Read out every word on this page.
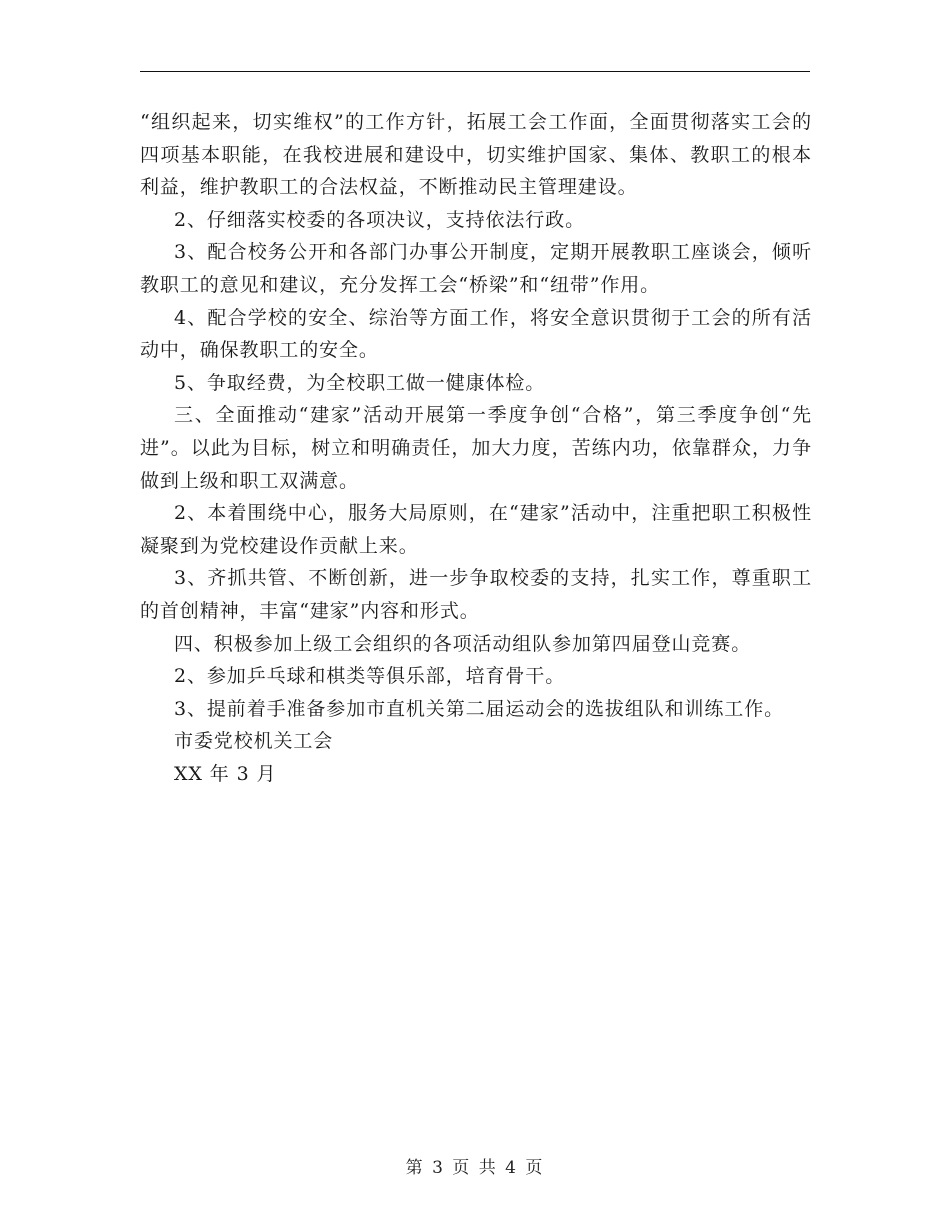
“组织起来，切实维权”的工作方针，拓展工会工作面，全面贯彻落实工会的四项基本职能，在我校进展和建设中，切实维护国家、集体、教职工的根本利益，维护教职工的合法权益，不断推动民主管理建设。

2、仔细落实校委的各项决议，支持依法行政。

3、配合校务公开和各部门办事公开制度，定期开展教职工座谈会，倾听教职工的意见和建议，充分发挥工会“桥梁”和“纽带”作用。

4、配合学校的安全、综治等方面工作，将安全意识贯彻于工会的所有活动中，确保教职工的安全。

5、争取经费，为全校职工做一健康体检。

三、全面推动“建家”活动开展第一季度争创“合格”，第三季度争创“先进”。以此为目标，树立和明确责任，加大力度，苦练内功，依靠群众，力争做到上级和职工双满意。

2、本着围绕中心，服务大局原则，在“建家”活动中，注重把职工积极性凝聚到为党校建设作贡献上来。

3、齐抓共管、不断创新，进一步争取校委的支持，扎实工作，尊重职工的首创精神，丰富“建家”内容和形式。

四、积极参加上级工会组织的各项活动组队参加第四届登山竞赛。

2、参加乒乓球和棋类等俱乐部，培育骨干。

3、提前着手准备参加市直机关第二届运动会的选拔组队和训练工作。

市委党校机关工会

XX 年 3 月

第 3 页 共 4 页
